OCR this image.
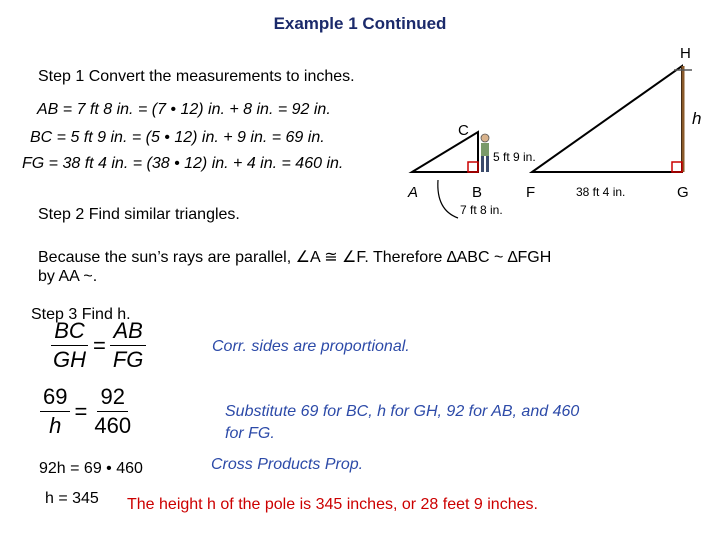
Example 1 Continued
Step 1 Convert the measurements to inches.
AB = 7 ft 8 in. = (7 • 12) in. + 8 in. = 92 in.
BC = 5 ft 9 in. = (5 • 12) in. + 9 in. = 69 in.
FG = 38 ft 4 in. = (38 • 12) in. + 4 in. = 460 in.
C
5 ft 9 in.
A	B
7 ft 8 in.
H
h
F	38 ft 4 in.	G
Step 2 Find similar triangles.
Because the sun’s rays are parallel, ∠A ≅ ∠F. Therefore ∆ABC ~ ∆FGH
by AA ~.
Step 3 Find h.
$\frac{BC}{GH} = \frac{AB}{FG}$
$\frac{69}{h} = \frac{92}{460}$
Corr. sides are proportional.
Substitute 69 for BC, h for GH, 92 for AB, and 460
for FG.
92h = 69 • 460	Cross Products Prop.
h = 345 The height h of the pole is 345 inches, or 28 feet 9 inches.
